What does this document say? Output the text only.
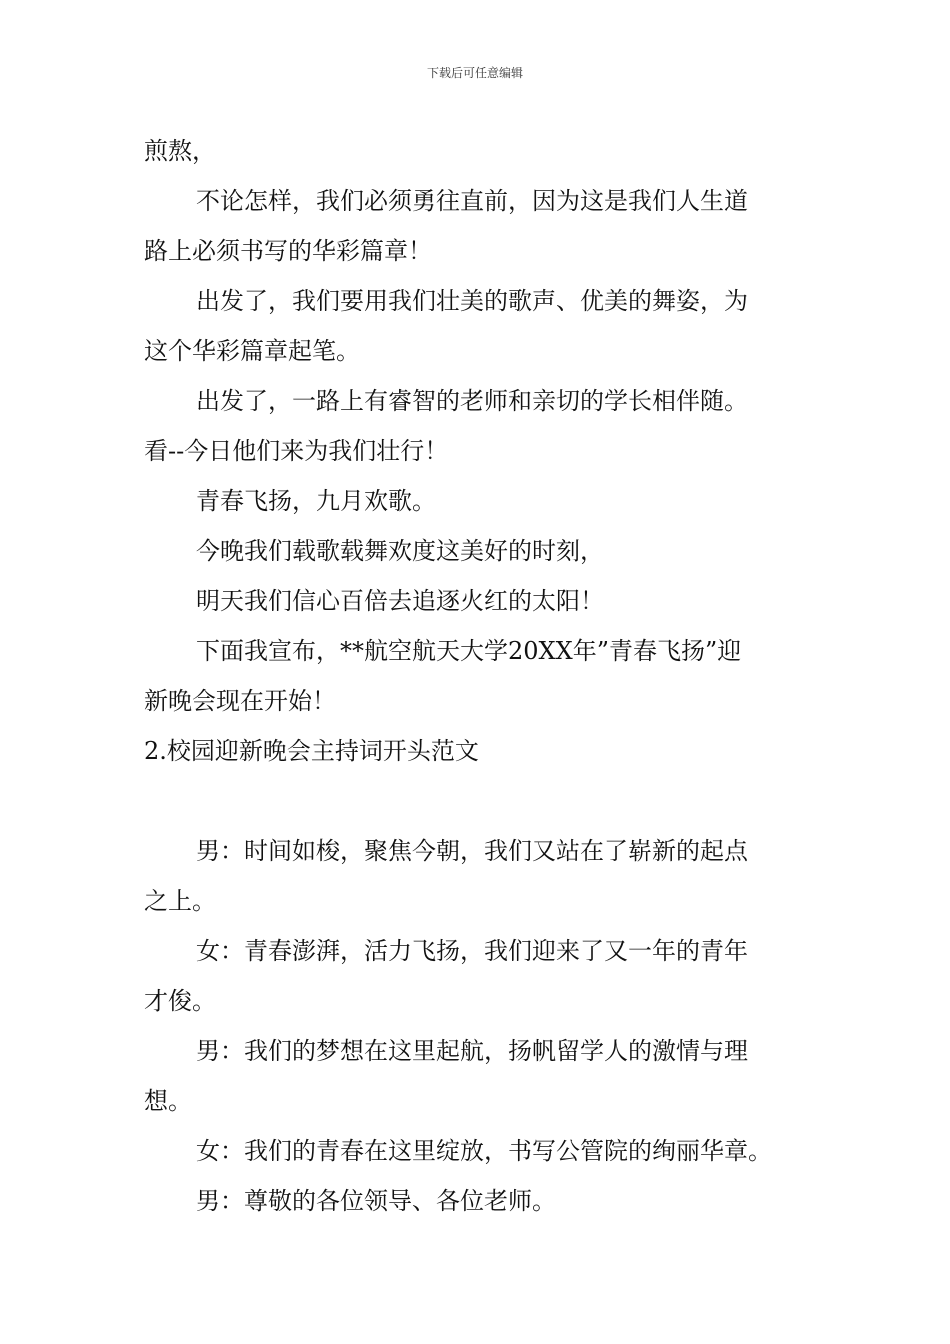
下载后可任意编辑

煎熬，

不论怎样，我们必须勇往直前，因为这是我们人生道

路上必须书写的华彩篇章！

出发了，我们要用我们壮美的歌声、优美的舞姿，为

这个华彩篇章起笔。

出发了，一路上有睿智的老师和亲切的学长相伴随。

看--今日他们来为我们壮行！

青春飞扬，九月欢歌。

今晚我们载歌载舞欢度这美好的时刻，

明天我们信心百倍去追逐火红的太阳！

下面我宣布，**航空航天大学20XX年”青春飞扬”迎

新晚会现在开始！

2.校园迎新晚会主持词开头范文

男：时间如梭，聚焦今朝，我们又站在了崭新的起点

之上。

女：青春澎湃，活力飞扬，我们迎来了又一年的青年

才俊。

男：我们的梦想在这里起航，扬帆留学人的激情与理

想。

女：我们的青春在这里绽放，书写公管院的绚丽华章。

男：尊敬的各位领导、各位老师。
